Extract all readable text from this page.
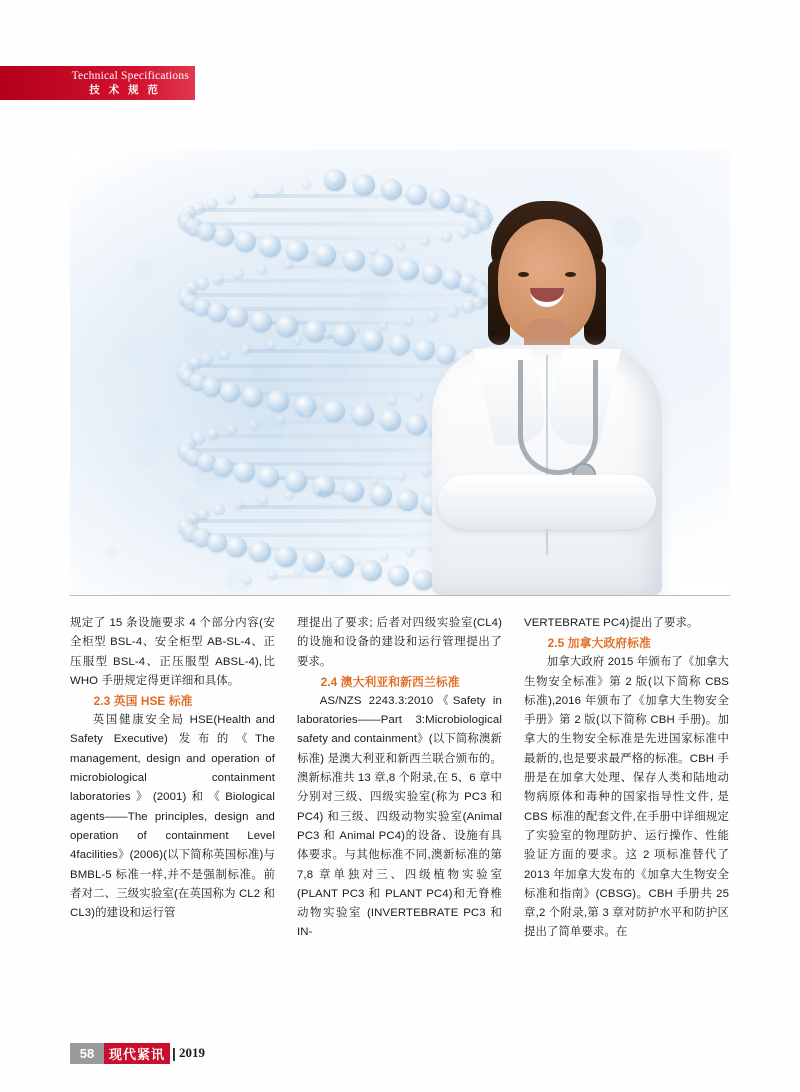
Technical Specifications
技 术 规 范

规定了 15 条设施要求 4 个部分内容(安全柜型 BSL-4、安全柜型 AB-SL-4、正压服型 BSL-4、正压服型 ABSL-4),比 WHO 手册规定得更详细和具体。

2.3 英国 HSE 标准

英国健康安全局 HSE(Health and Safety Executive) 发布的《The management, design and operation of microbiological containment laboratories》(2001)和《Biological agents——The principles, design and operation of containment Level 4facilities》(2006)(以下简称英国标准)与 BMBL-5 标准一样,并不是强制标准。前者对二、三级实验室(在英国称为 CL2 和 CL3)的建设和运行管

理提出了要求; 后者对四级实验室(CL4)的设施和设备的建设和运行管理提出了要求。

2.4 澳大利亚和新西兰标准

AS/NZS 2243.3:2010《Safety in laboratories——Part 3:Microbiological safety and containment》(以下简称澳新标准) 是澳大利亚和新西兰联合颁布的。澳新标准共 13 章,8 个附录,在 5、6 章中分别对三级、四级实验室(称为 PC3 和 PC4) 和三级、四级动物实验室(Animal PC3 和 Animal PC4)的设备、设施有具体要求。与其他标准不同,澳新标准的第 7,8 章单独对三、四级植物实验室(PLANT PC3 和 PLANT PC4)和无脊椎动物实验室 (INVERTEBRATE PC3 和 IN-

VERTEBRATE PC4)提出了要求。

2.5 加拿大政府标准

加拿大政府 2015 年颁布了《加拿大生物安全标准》第 2 版(以下简称 CBS 标准),2016 年颁布了《加拿大生物安全手册》第 2 版(以下简称 CBH 手册)。加拿大的生物安全标准是先进国家标准中最新的,也是要求最严格的标准。CBH 手册是在加拿大处理、保存人类和陆地动物病原体和毒种的国家指导性文件, 是 CBS 标准的配套文件,在手册中详细规定了实验室的物理防护、运行操作、性能验证方面的要求。这 2 项标准替代了 2013 年加拿大发布的《加拿大生物安全标准和指南》(CBSG)。CBH 手册共 25 章,2 个附录,第 3 章对防护水平和防护区提出了简单要求。在

58	现代紧讯 | 2019
